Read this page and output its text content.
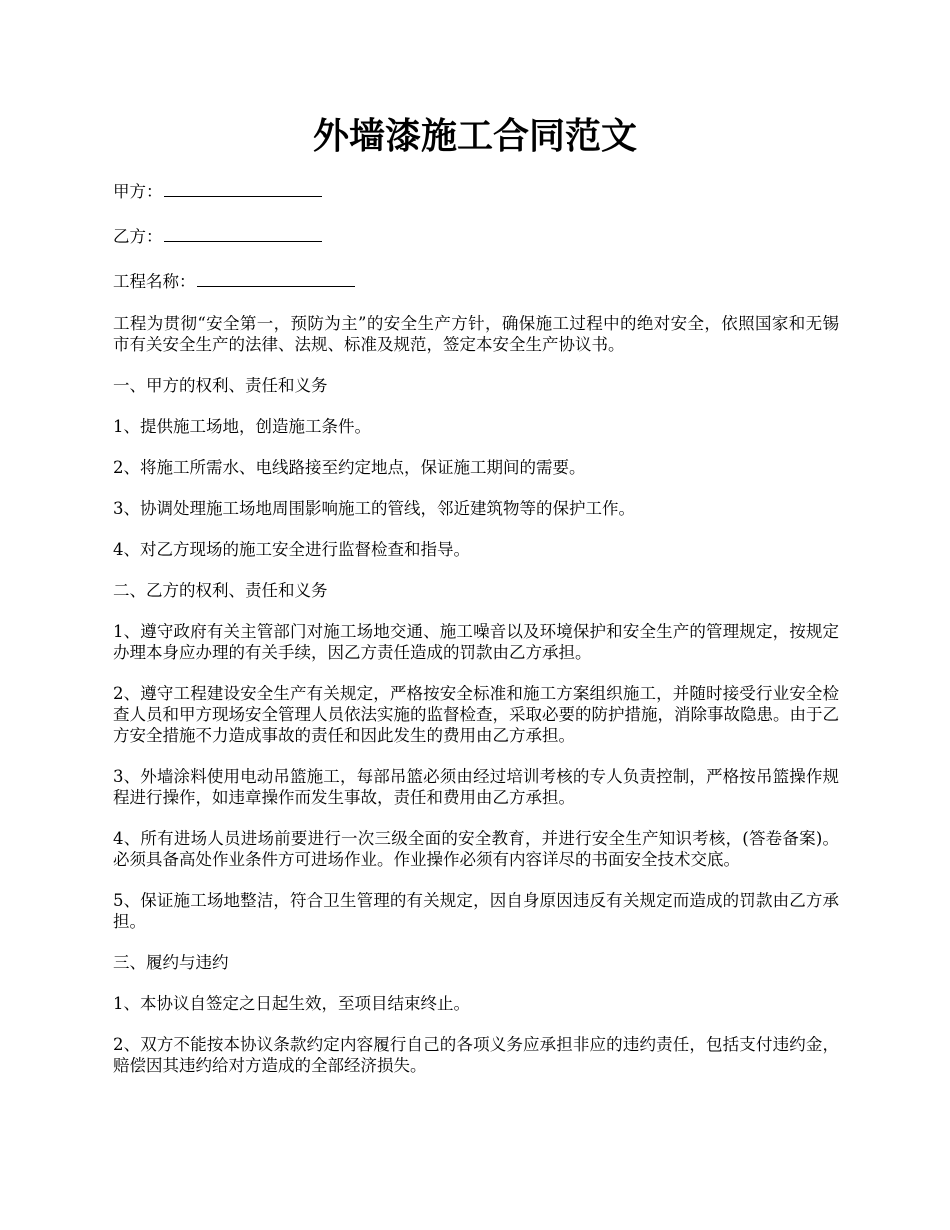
外墙漆施工合同范文
甲方：
乙方：
工程名称：

工程为贯彻“安全第一，预防为主”的安全生产方针，确保施工过程中的绝对安全，依照国家和无锡市有关安全生产的法律、法规、标准及规范，签定本安全生产协议书。

一、甲方的权利、责任和义务

1、提供施工场地，创造施工条件。

2、将施工所需水、电线路接至约定地点，保证施工期间的需要。

3、协调处理施工场地周围影响施工的管线，邻近建筑物等的保护工作。

4、对乙方现场的施工安全进行监督检查和指导。

二、乙方的权利、责任和义务

1、遵守政府有关主管部门对施工场地交通、施工噪音以及环境保护和安全生产的管理规定，按规定办理本身应办理的有关手续，因乙方责任造成的罚款由乙方承担。

2、遵守工程建设安全生产有关规定，严格按安全标准和施工方案组织施工，并随时接受行业安全检查人员和甲方现场安全管理人员依法实施的监督检查，采取必要的防护措施，消除事故隐患。由于乙方安全措施不力造成事故的责任和因此发生的费用由乙方承担。

3、外墙涂料使用电动吊篮施工，每部吊篮必须由经过培训考核的专人负责控制，严格按吊篮操作规程进行操作，如违章操作而发生事故，责任和费用由乙方承担。

4、所有进场人员进场前要进行一次三级全面的安全教育，并进行安全生产知识考核，(答卷备案)。必须具备高处作业条件方可进场作业。作业操作必须有内容详尽的书面安全技术交底。

5、保证施工场地整洁，符合卫生管理的有关规定，因自身原因违反有关规定而造成的罚款由乙方承担。

三、履约与违约

1、本协议自签定之日起生效，至项目结束终止。

2、双方不能按本协议条款约定内容履行自己的各项义务应承担非应的违约责任，包括支付违约金，赔偿因其违约给对方造成的全部经济损失。
